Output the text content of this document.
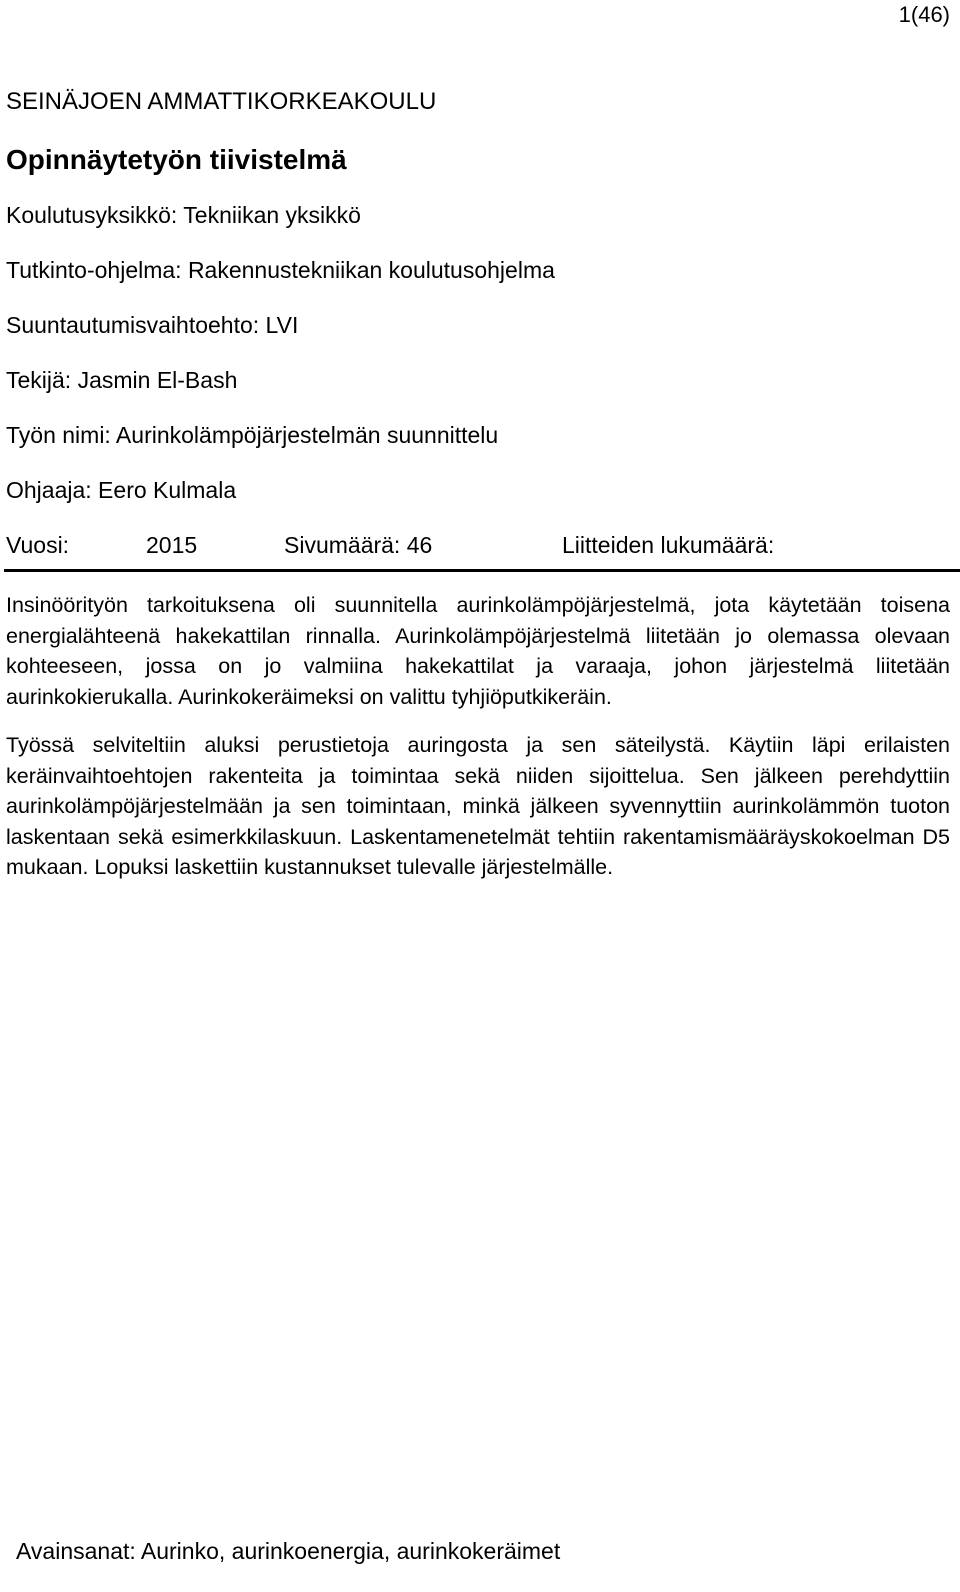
1(46)
SEINÄJOEN AMMATTIKORKEAKOULU
Opinnäytetyön tiivistelmä
Koulutusyksikkö: Tekniikan yksikkö
Tutkinto-ohjelma: Rakennustekniikan koulutusohjelma
Suuntautumisvaihtoehto: LVI
Tekijä: Jasmin El-Bash
Työn nimi: Aurinkolämpöjärjestelmän suunnittelu
Ohjaaja: Eero Kulmala
Vuosi:	2015	Sivumäärä: 46	Liitteiden lukumäärä:

Insinöörityön tarkoituksena oli suunnitella aurinkolämpöjärjestelmä, jota käytetään toisena energialähteenä hakekattilan rinnalla. Aurinkolämpöjärjestelmä liitetään jo olemassa olevaan kohteeseen, jossa on jo valmiina hakekattilat ja varaaja, johon järjestelmä liitetään aurinkokierukalla. Aurinkokeräimeksi on valittu tyhjiöputkikeräin.

Työssä selviteltiin aluksi perustietoja auringosta ja sen säteilystä. Käytiin läpi erilaisten keräinvaihtoehtojen rakenteita ja toimintaa sekä niiden sijoittelua. Sen jälkeen perehdyttiin aurinkolämpöjärjestelmään ja sen toimintaan, minkä jälkeen syvennyttiin aurinkolämmön tuoton laskentaan sekä esimerkkilaskuun. Laskentamenetelmät tehtiin rakentamismääräyskokoelman D5 mukaan. Lopuksi laskettiin kustannukset tulevalle järjestelmälle.

Avainsanat: Aurinko, aurinkoenergia, aurinkokeräimet
